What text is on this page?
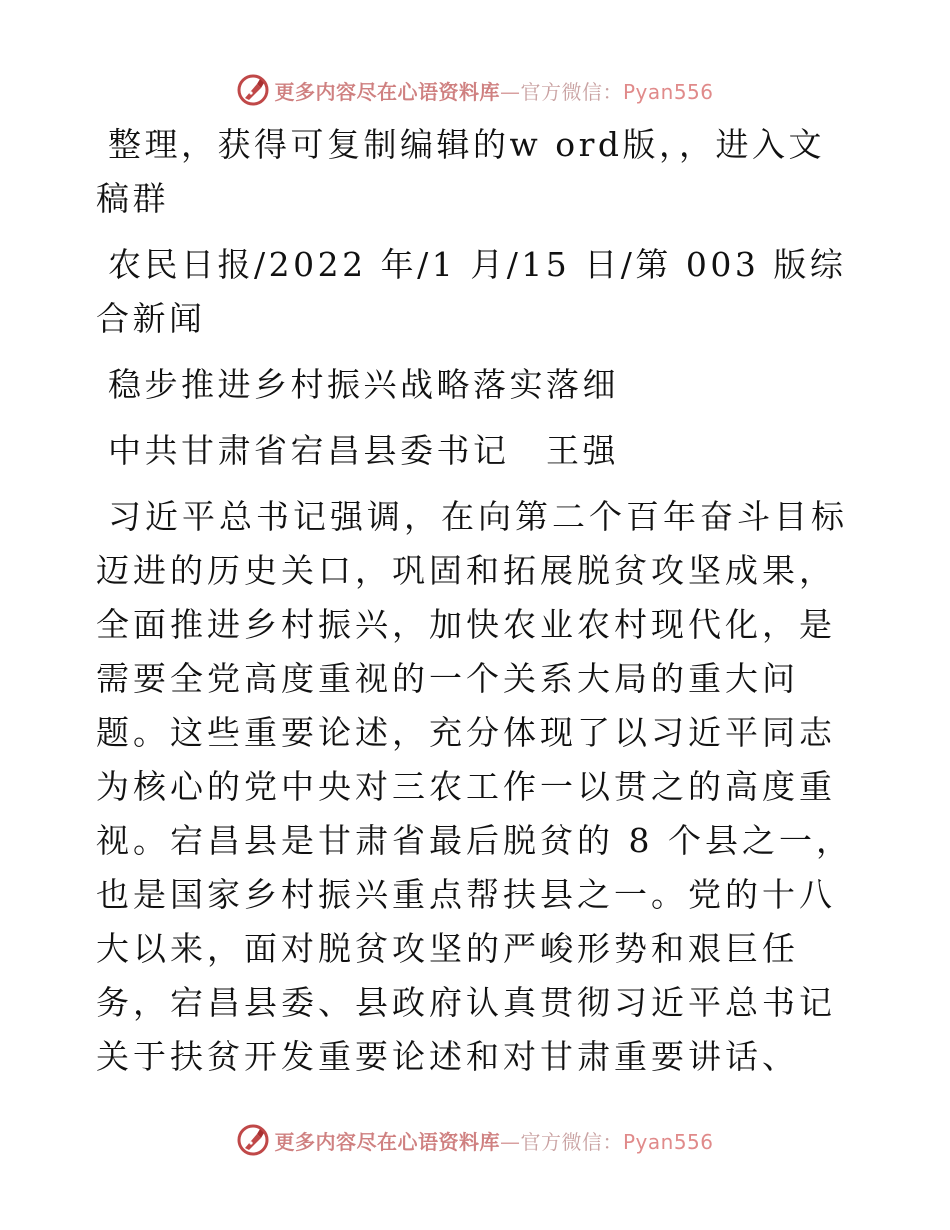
更多内容尽在心语资料库—官方微信：Pyan556

整理，获得可复制编辑的w ord版，，进入文稿群

农民日报/2022 年/1 月/15 日/第 003 版综合新闻

稳步推进乡村振兴战略落实落细

中共甘肃省宕昌县委书记　王强

习近平总书记强调，在向第二个百年奋斗目标迈进的历史关口，巩固和拓展脱贫攻坚成果，全面推进乡村振兴，加快农业农村现代化，是需要全党高度重视的一个关系大局的重大问题。这些重要论述，充分体现了以习近平同志为核心的党中央对三农工作一以贯之的高度重视。宕昌县是甘肃省最后脱贫的 8 个县之一，也是国家乡村振兴重点帮扶县之一。党的十八大以来，面对脱贫攻坚的严峻形势和艰巨任务，宕昌县委、县政府认真贯彻习近平总书记关于扶贫开发重要论述和对甘肃重要讲话、

更多内容尽在心语资料库—官方微信：Pyan556
